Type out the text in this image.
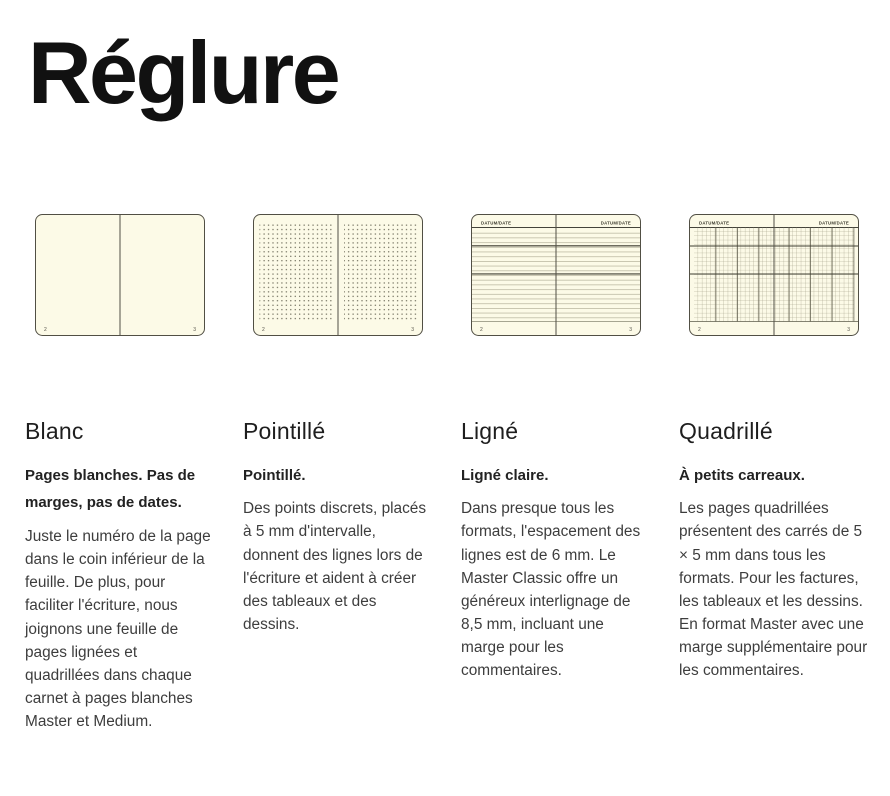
Réglure
2	3
Blanc
Pages blanches. Pas de marges, pas de dates.

Juste le numéro de la page dans le coin inférieur de la feuille. De plus, pour faciliter l'écriture, nous joignons une feuille de pages lignées et quadrillées dans chaque carnet à pages blanches Master et Medium.

2	3
Pointillé
Pointillé.

Des points discrets, placés à 5 mm d'intervalle, donnent des lignes lors de l'écriture et aident à créer des tableaux et des dessins.

DATUM/DATE	DATUM/DATE
2	3
Ligné
Ligné claire.

Dans presque tous les formats, l'espacement des lignes est de 6 mm. Le Master Classic offre un généreux interlignage de 8,5 mm, incluant une marge pour les commentaires.

DATUM/DATE	DATUM/DATE
2	3
Quadrillé
À petits carreaux.

Les pages quadrillées présentent des carrés de 5 × 5 mm dans tous les formats. Pour les factures, les tableaux et les dessins. En format Master avec une marge supplémentaire pour les commentaires.
